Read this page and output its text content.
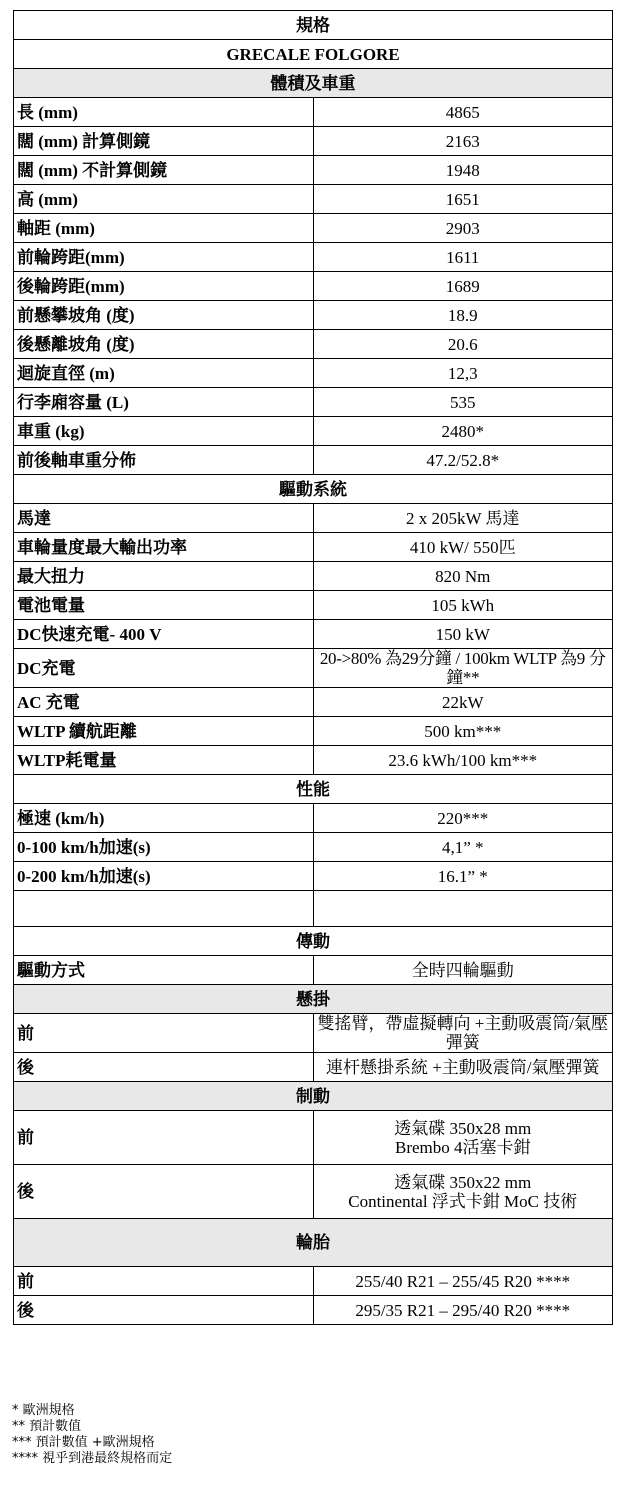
規格	
GRECALE FOLGORE	
體積及車重	
長 (mm)	4865
闊 (mm) 計算側鏡	2163
闊 (mm) 不計算側鏡	1948
高 (mm)	1651
軸距 (mm)	2903
前輪跨距(mm)	1611
後輪跨距(mm)	1689
前懸攀坡角 (度)	18.9
後懸離坡角 (度)	20.6
迴旋直徑 (m)	12,3
行李廂容量 (L)	535
車重 (kg)	2480*
前後軸車重分佈	47.2/52.8*
驅動系統	
馬達	2 x 205kW 馬達
車輪量度最大輸出功率	410 kW/ 550匹
最大扭力	820 Nm
電池電量	105 kWh
DC快速充電- 400 V	150 kW
DC充電	20->80% 為29分鐘 / 100km WLTP 為9 分鐘**
AC 充電	22kW
WLTP 續航距離	500 km***
WLTP耗電量	23.6 kWh/100 km***
性能	
極速 (km/h)	220***
0-100 km/h加速(s)	4,1” *
0-200 km/h加速(s)	16.1” *

傳動	
驅動方式	全時四輪驅動
懸掛	
前	雙搖臂，帶虛擬轉向 +主動吸震筒/氣壓彈簧
後	連杆懸掛系統 +主動吸震筒/氣壓彈簧
制動	
前	透氣碟 350x28 mm
Brembo 4活塞卡鉗

後	透氣碟 350x22 mm
Continental 浮式卡鉗 MoC 技術

輪胎	
前	255/40 R21 – 255/45 R20 ****
後	295/35 R21 – 295/40 R20 ****
* 歐洲規格
** 預計數值
*** 預計數值 +歐洲規格
**** 視乎到港最終規格而定
